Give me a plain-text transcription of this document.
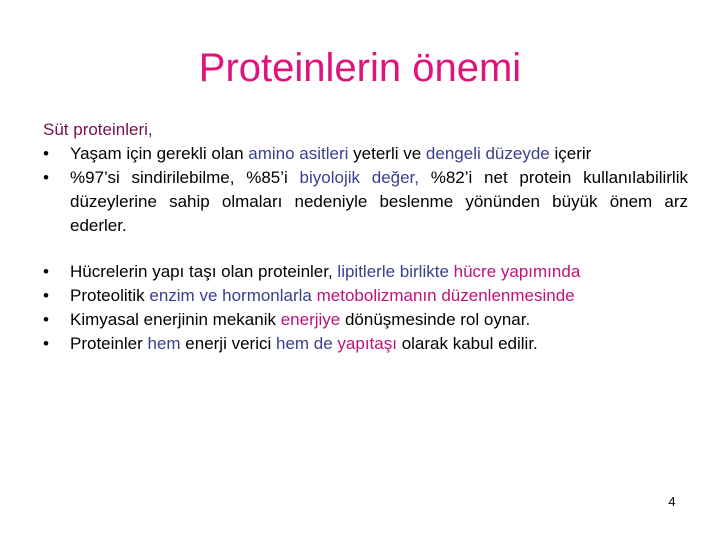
Proteinlerin önemi
Süt proteinleri,
• Yaşam için gerekli olan amino asitleri yeterli ve dengeli düzeyde içerir
• %97’si sindirilebilme, %85’i biyolojik değer, %82’i net protein kullanılabilirlik düzeylerine sahip olmaları nedeniyle beslenme yönünden büyük önem arz ederler.
• Hücrelerin yapı taşı olan proteinler, lipitlerle birlikte hücre yapımında
• Proteolitik enzim ve hormonlarla metobolizmanın düzenlenmesinde
• Kimyasal enerjinin mekanik enerjiye dönüşmesinde rol oynar.
• Proteinler hem enerji verici hem de yapıtaşı olarak kabul edilir.
4
